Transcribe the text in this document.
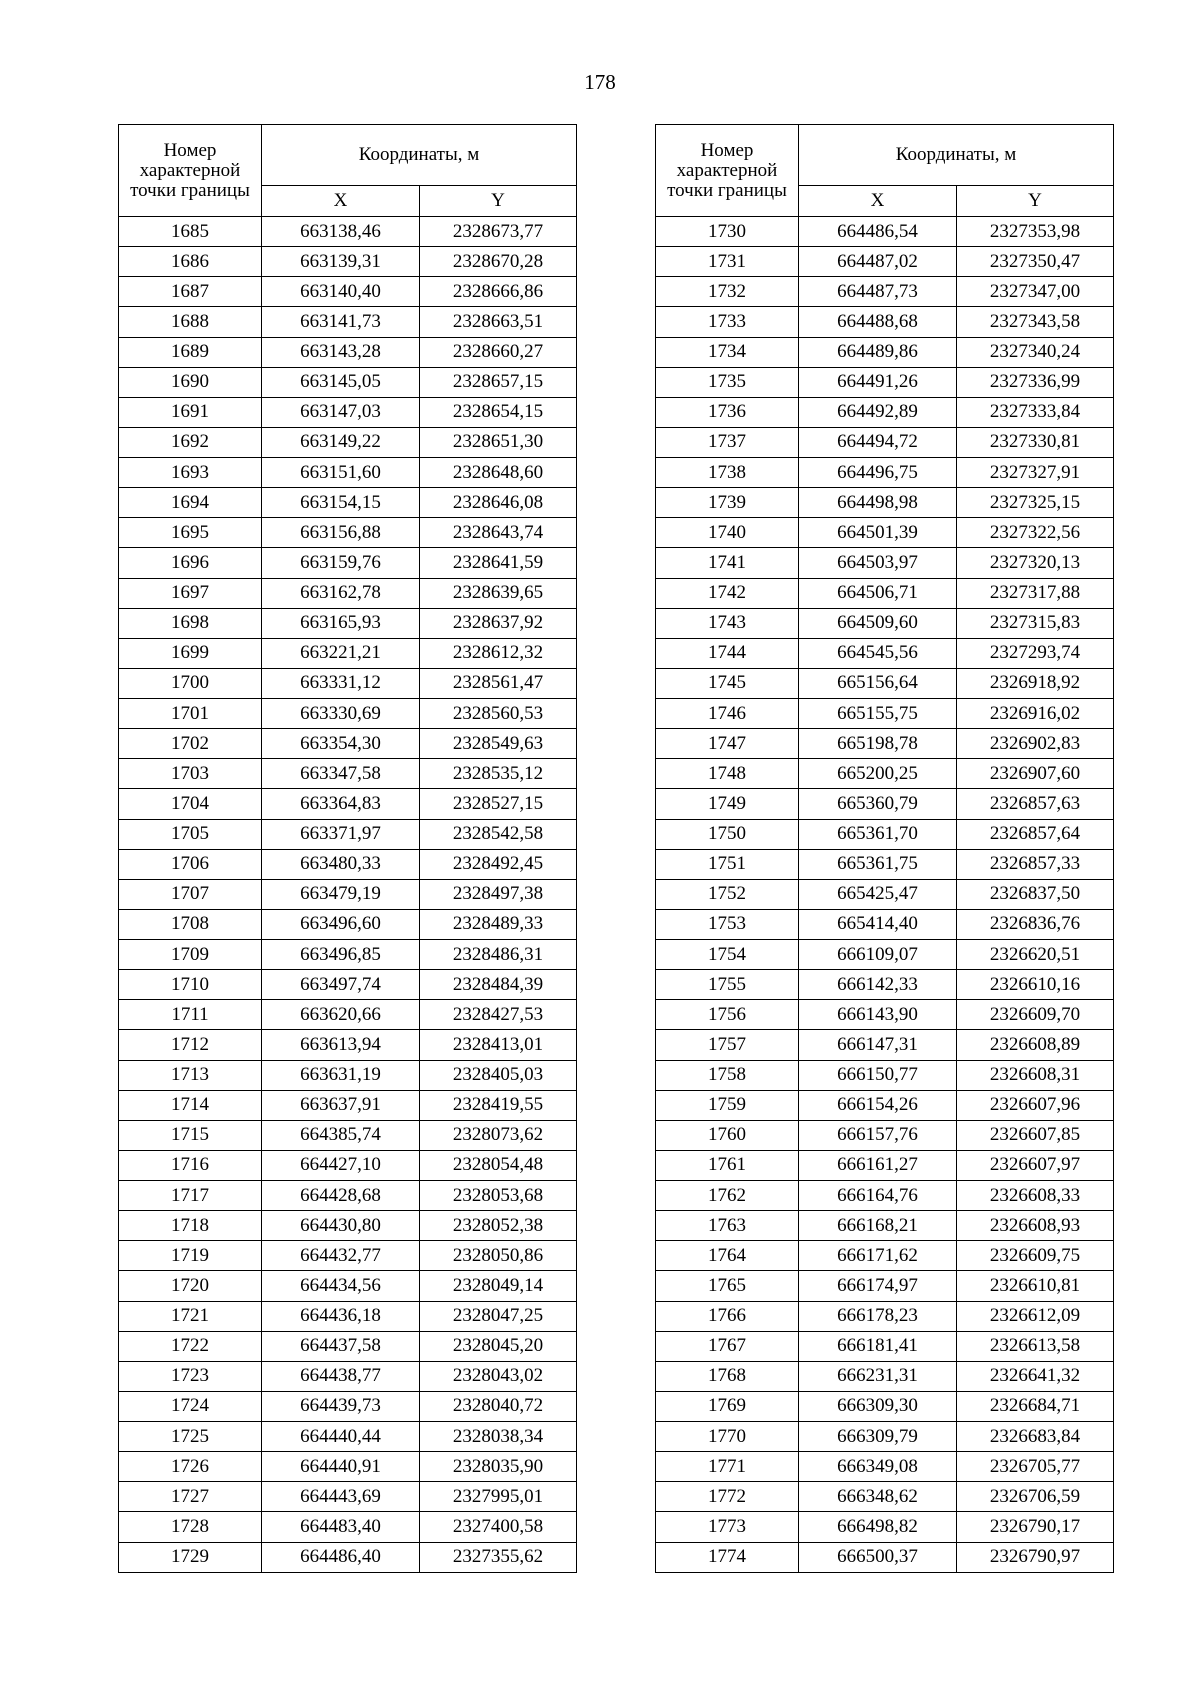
178
Номер характерной точки границы	Координаты, м	
	X	Y
1685	663138,46	2328673,77
1686	663139,31	2328670,28
1687	663140,40	2328666,86
1688	663141,73	2328663,51
1689	663143,28	2328660,27
1690	663145,05	2328657,15
1691	663147,03	2328654,15
1692	663149,22	2328651,30
1693	663151,60	2328648,60
1694	663154,15	2328646,08
1695	663156,88	2328643,74
1696	663159,76	2328641,59
1697	663162,78	2328639,65
1698	663165,93	2328637,92
1699	663221,21	2328612,32
1700	663331,12	2328561,47
1701	663330,69	2328560,53
1702	663354,30	2328549,63
1703	663347,58	2328535,12
1704	663364,83	2328527,15
1705	663371,97	2328542,58
1706	663480,33	2328492,45
1707	663479,19	2328497,38
1708	663496,60	2328489,33
1709	663496,85	2328486,31
1710	663497,74	2328484,39
1711	663620,66	2328427,53
1712	663613,94	2328413,01
1713	663631,19	2328405,03
1714	663637,91	2328419,55
1715	664385,74	2328073,62
1716	664427,10	2328054,48
1717	664428,68	2328053,68
1718	664430,80	2328052,38
1719	664432,77	2328050,86
1720	664434,56	2328049,14
1721	664436,18	2328047,25
1722	664437,58	2328045,20
1723	664438,77	2328043,02
1724	664439,73	2328040,72
1725	664440,44	2328038,34
1726	664440,91	2328035,90
1727	664443,69	2327995,01
1728	664483,40	2327400,58
1729	664486,40	2327355,62
Номер характерной точки границы	Координаты, м	
	X	Y
1730	664486,54	2327353,98
1731	664487,02	2327350,47
1732	664487,73	2327347,00
1733	664488,68	2327343,58
1734	664489,86	2327340,24
1735	664491,26	2327336,99
1736	664492,89	2327333,84
1737	664494,72	2327330,81
1738	664496,75	2327327,91
1739	664498,98	2327325,15
1740	664501,39	2327322,56
1741	664503,97	2327320,13
1742	664506,71	2327317,88
1743	664509,60	2327315,83
1744	664545,56	2327293,74
1745	665156,64	2326918,92
1746	665155,75	2326916,02
1747	665198,78	2326902,83
1748	665200,25	2326907,60
1749	665360,79	2326857,63
1750	665361,70	2326857,64
1751	665361,75	2326857,33
1752	665425,47	2326837,50
1753	665414,40	2326836,76
1754	666109,07	2326620,51
1755	666142,33	2326610,16
1756	666143,90	2326609,70
1757	666147,31	2326608,89
1758	666150,77	2326608,31
1759	666154,26	2326607,96
1760	666157,76	2326607,85
1761	666161,27	2326607,97
1762	666164,76	2326608,33
1763	666168,21	2326608,93
1764	666171,62	2326609,75
1765	666174,97	2326610,81
1766	666178,23	2326612,09
1767	666181,41	2326613,58
1768	666231,31	2326641,32
1769	666309,30	2326684,71
1770	666309,79	2326683,84
1771	666349,08	2326705,77
1772	666348,62	2326706,59
1773	666498,82	2326790,17
1774	666500,37	2326790,97
